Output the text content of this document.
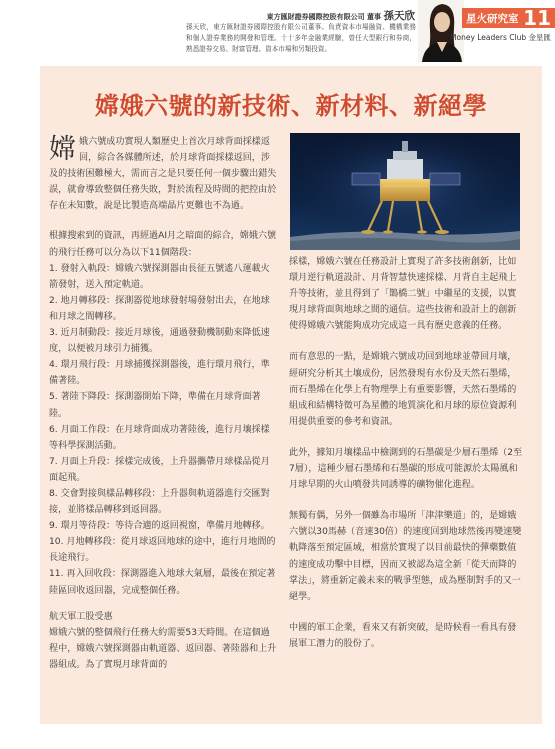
東方匯財證券國際控股有限公司 董事 孫天欣
孫天欣，東方匯財證券國際控股有限公司董事。負責資本市場融資、機構業務和個人證券業務的開發和管理。十十多年金融業經驗，曾任大型銀行和券商，熟悉證券交易、財富管理、資本市場和另類投資。
星火研究室 11
Money Leaders Club 金星匯
嫦娥六號的新技術、新材料、新絕學

嫦娥六號成功實現人類歷史上首次月球背面採樣返回，綜合各媒體所述，於月球背面採樣返回，涉及的技術困難極大，需而言之是只要任何一個步驟出錯失誤，就會導致整個任務失敗，對於流程及時間的把控由於存在未知數，說是比製造高端晶片更難也不為過。

根據搜索到的資訊，再經過AI月之暗面的綜合，嫦娥六號的飛行任務可以分為以下11個階段：

1. 發射入軌段：嫦娥六號探測器由長征五號遙八運載火箭發射，送入預定軌道。

2. 地月轉移段：探測器從地球發射場發射出去，在地球和月球之間轉移。

3. 近月制動段：接近月球後，通過發動機制動來降低速度，以便被月球引力捕獲。

4. 環月飛行段：月球捕獲探測器後，進行環月飛行，準備著陸。

5. 著陸下降段：探測器開始下降，準備在月球背面著陸。

6. 月面工作段：在月球背面成功著陸後，進行月壤採樣等科學探測活動。

7. 月面上升段：採樣完成後，上升器攜帶月球樣品從月面起飛。

8. 交會對接與樣品轉移段：上升器與軌道器進行交匯對接，並將樣品轉移到返回器。

9. 環月等待段：等待合適的返回視窗，準備月地轉移。

10. 月地轉移段：從月球返回地球的途中，進行月地間的長途飛行。

11. 再入回收段：探測器進入地球大氣層，最後在預定著陸區回收返回器，完成整個任務。

航天軍工股受惠

嫦娥六號的整個飛行任務大約需要53天時間。在這個過程中，嫦娥六號探測器由軌道器、返回器、著陸器和上升器組成。為了實現月球背面的

採樣，嫦娥六號在任務設計上實現了許多技術創新，比如環月逆行軌道設計、月背智慧快速採樣、月背自主起飛上升等技術，並且得到了「鵲橋二號」中繼星的支援，以實現月球背面與地球之間的通信。這些技術和設計上的創新使得嫦娥六號能夠成功完成這一具有歷史意義的任務。

而有意思的一點，是嫦娥六號成功回到地球並帶回月壤，經研究分析其土壤成份，居然發現有水份及天然石墨烯，而石墨烯在化學上有物理學上有重要影響，天然石墨烯的組成和結構特徵可為星體的地質演化和月球的原位資源利用提供重要的參考和資訊。

此外，據知月壤樣品中檢測到的石墨碳是少層石墨烯（2至7層），這種少層石墨烯和石墨碳的形成可能源於太陽風和月球早期的火山噴發共同誘導的礦物催化進程。

無獨有偶，另外一個雖為市場所「津津樂道」的，是嫦娥六號以30馬赫（音速30倍）的速度回到地球然後再變速變軌降落至預定區域，相當於實現了以目前最快的彈藥數值的速度成功擊中目標，因而又被認為這全新「從天而降的掌法」，將重新定義未來的戰爭型態，成為壓制對手的又一絕學。

中國的軍工企業，看來又有新突破，是時候看一看具有發展軍工潛力的股份了。
